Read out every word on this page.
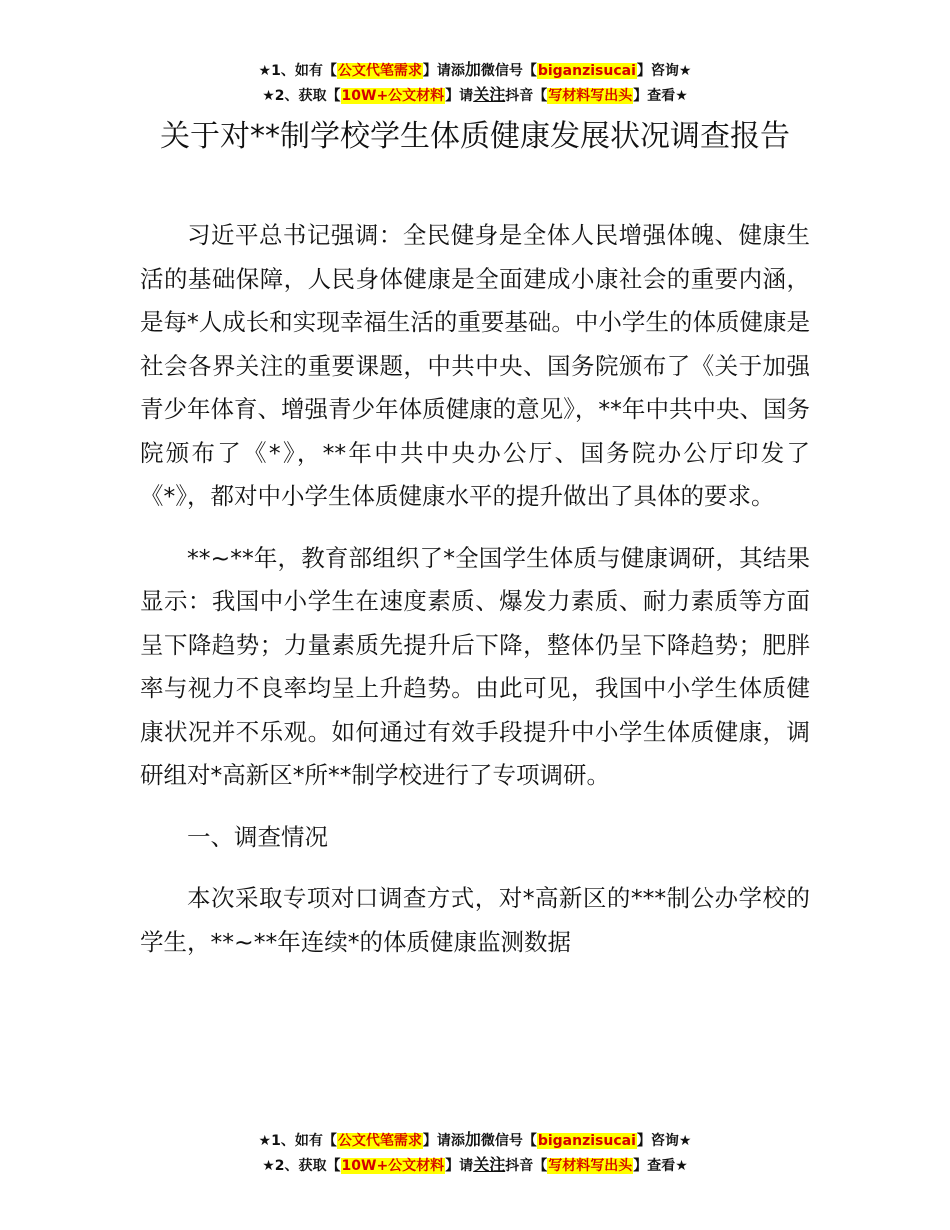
★1、如有【公文代笔需求】请添加微信号【biganzisucai】咨询★
★2、获取【10W+公文材料】请关注抖音【写材料写出头】查看★
关于对**制学校学生体质健康发展状况调查报告

习近平总书记强调：全民健身是全体人民增强体魄、健康生活的基础保障，人民身体健康是全面建成小康社会的重要内涵，是每*人成长和实现幸福生活的重要基础。中小学生的体质健康是社会各界关注的重要课题，中共中央、国务院颁布了《关于加强青少年体育、增强青少年体质健康的意见》，**年中共中央、国务院颁布了《*》，**年中共中央办公厅、国务院办公厅印发了《*》，都对中小学生体质健康水平的提升做出了具体的要求。

**~**年，教育部组织了*全国学生体质与健康调研，其结果显示：我国中小学生在速度素质、爆发力素质、耐力素质等方面呈下降趋势；力量素质先提升后下降，整体仍呈下降趋势；肥胖率与视力不良率均呈上升趋势。由此可见，我国中小学生体质健康状况并不乐观。如何通过有效手段提升中小学生体质健康，调研组对*高新区*所**制学校进行了专项调研。

一、调查情况

本次采取专项对口调查方式，对*高新区的***制公办学校的学生，**~**年连续*的体质健康监测数据

★1、如有【公文代笔需求】请添加微信号【biganzisucai】咨询★
★2、获取【10W+公文材料】请关注抖音【写材料写出头】查看★
